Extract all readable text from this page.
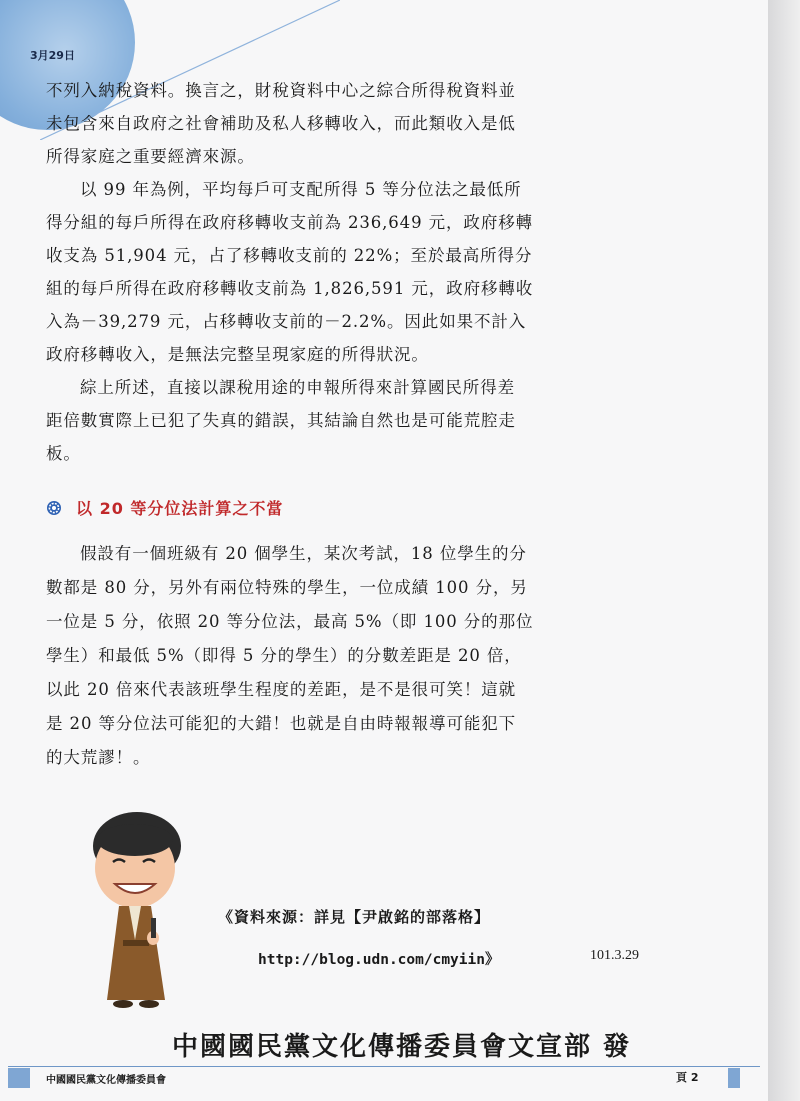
3月29日

不列入納稅資料。換言之，財稅資料中心之綜合所得稅資料並
未包含來自政府之社會補助及私人移轉收入，而此類收入是低
所得家庭之重要經濟來源。

以 99 年為例，平均每戶可支配所得 5 等分位法之最低所
得分組的每戶所得在政府移轉收支前為 236,649 元，政府移轉
收支為 51,904 元，占了移轉收支前的 22%；至於最高所得分
組的每戶所得在政府移轉收支前為 1,826,591 元，政府移轉收
入為－39,279 元，占移轉收支前的－2.2%。因此如果不計入
政府移轉收入，是無法完整呈現家庭的所得狀況。

綜上所述，直接以課稅用途的申報所得來計算國民所得差
距倍數實際上已犯了失真的錯誤，其結論自然也是可能荒腔走
板。

以 20 等分位法計算之不當

假設有一個班級有 20 個學生，某次考試，18 位學生的分
數都是 80 分，另外有兩位特殊的學生，一位成績 100 分，另
一位是 5 分，依照 20 等分位法，最高 5%（即 100 分的那位
學生）和最低 5%（即得 5 分的學生）的分數差距是 20 倍，
以此 20 倍來代表該班學生程度的差距，是不是很可笑！這就
是 20 等分位法可能犯的大錯！也就是自由時報報導可能犯下
的大荒謬！。

《資料來源：詳見【尹啟銘的部落格】
http://blog.udn.com/cmyiin》	101.3.29
中國國民黨文化傳播委員會文宣部 發
中國國民黨文化傳播委員會	頁 2
